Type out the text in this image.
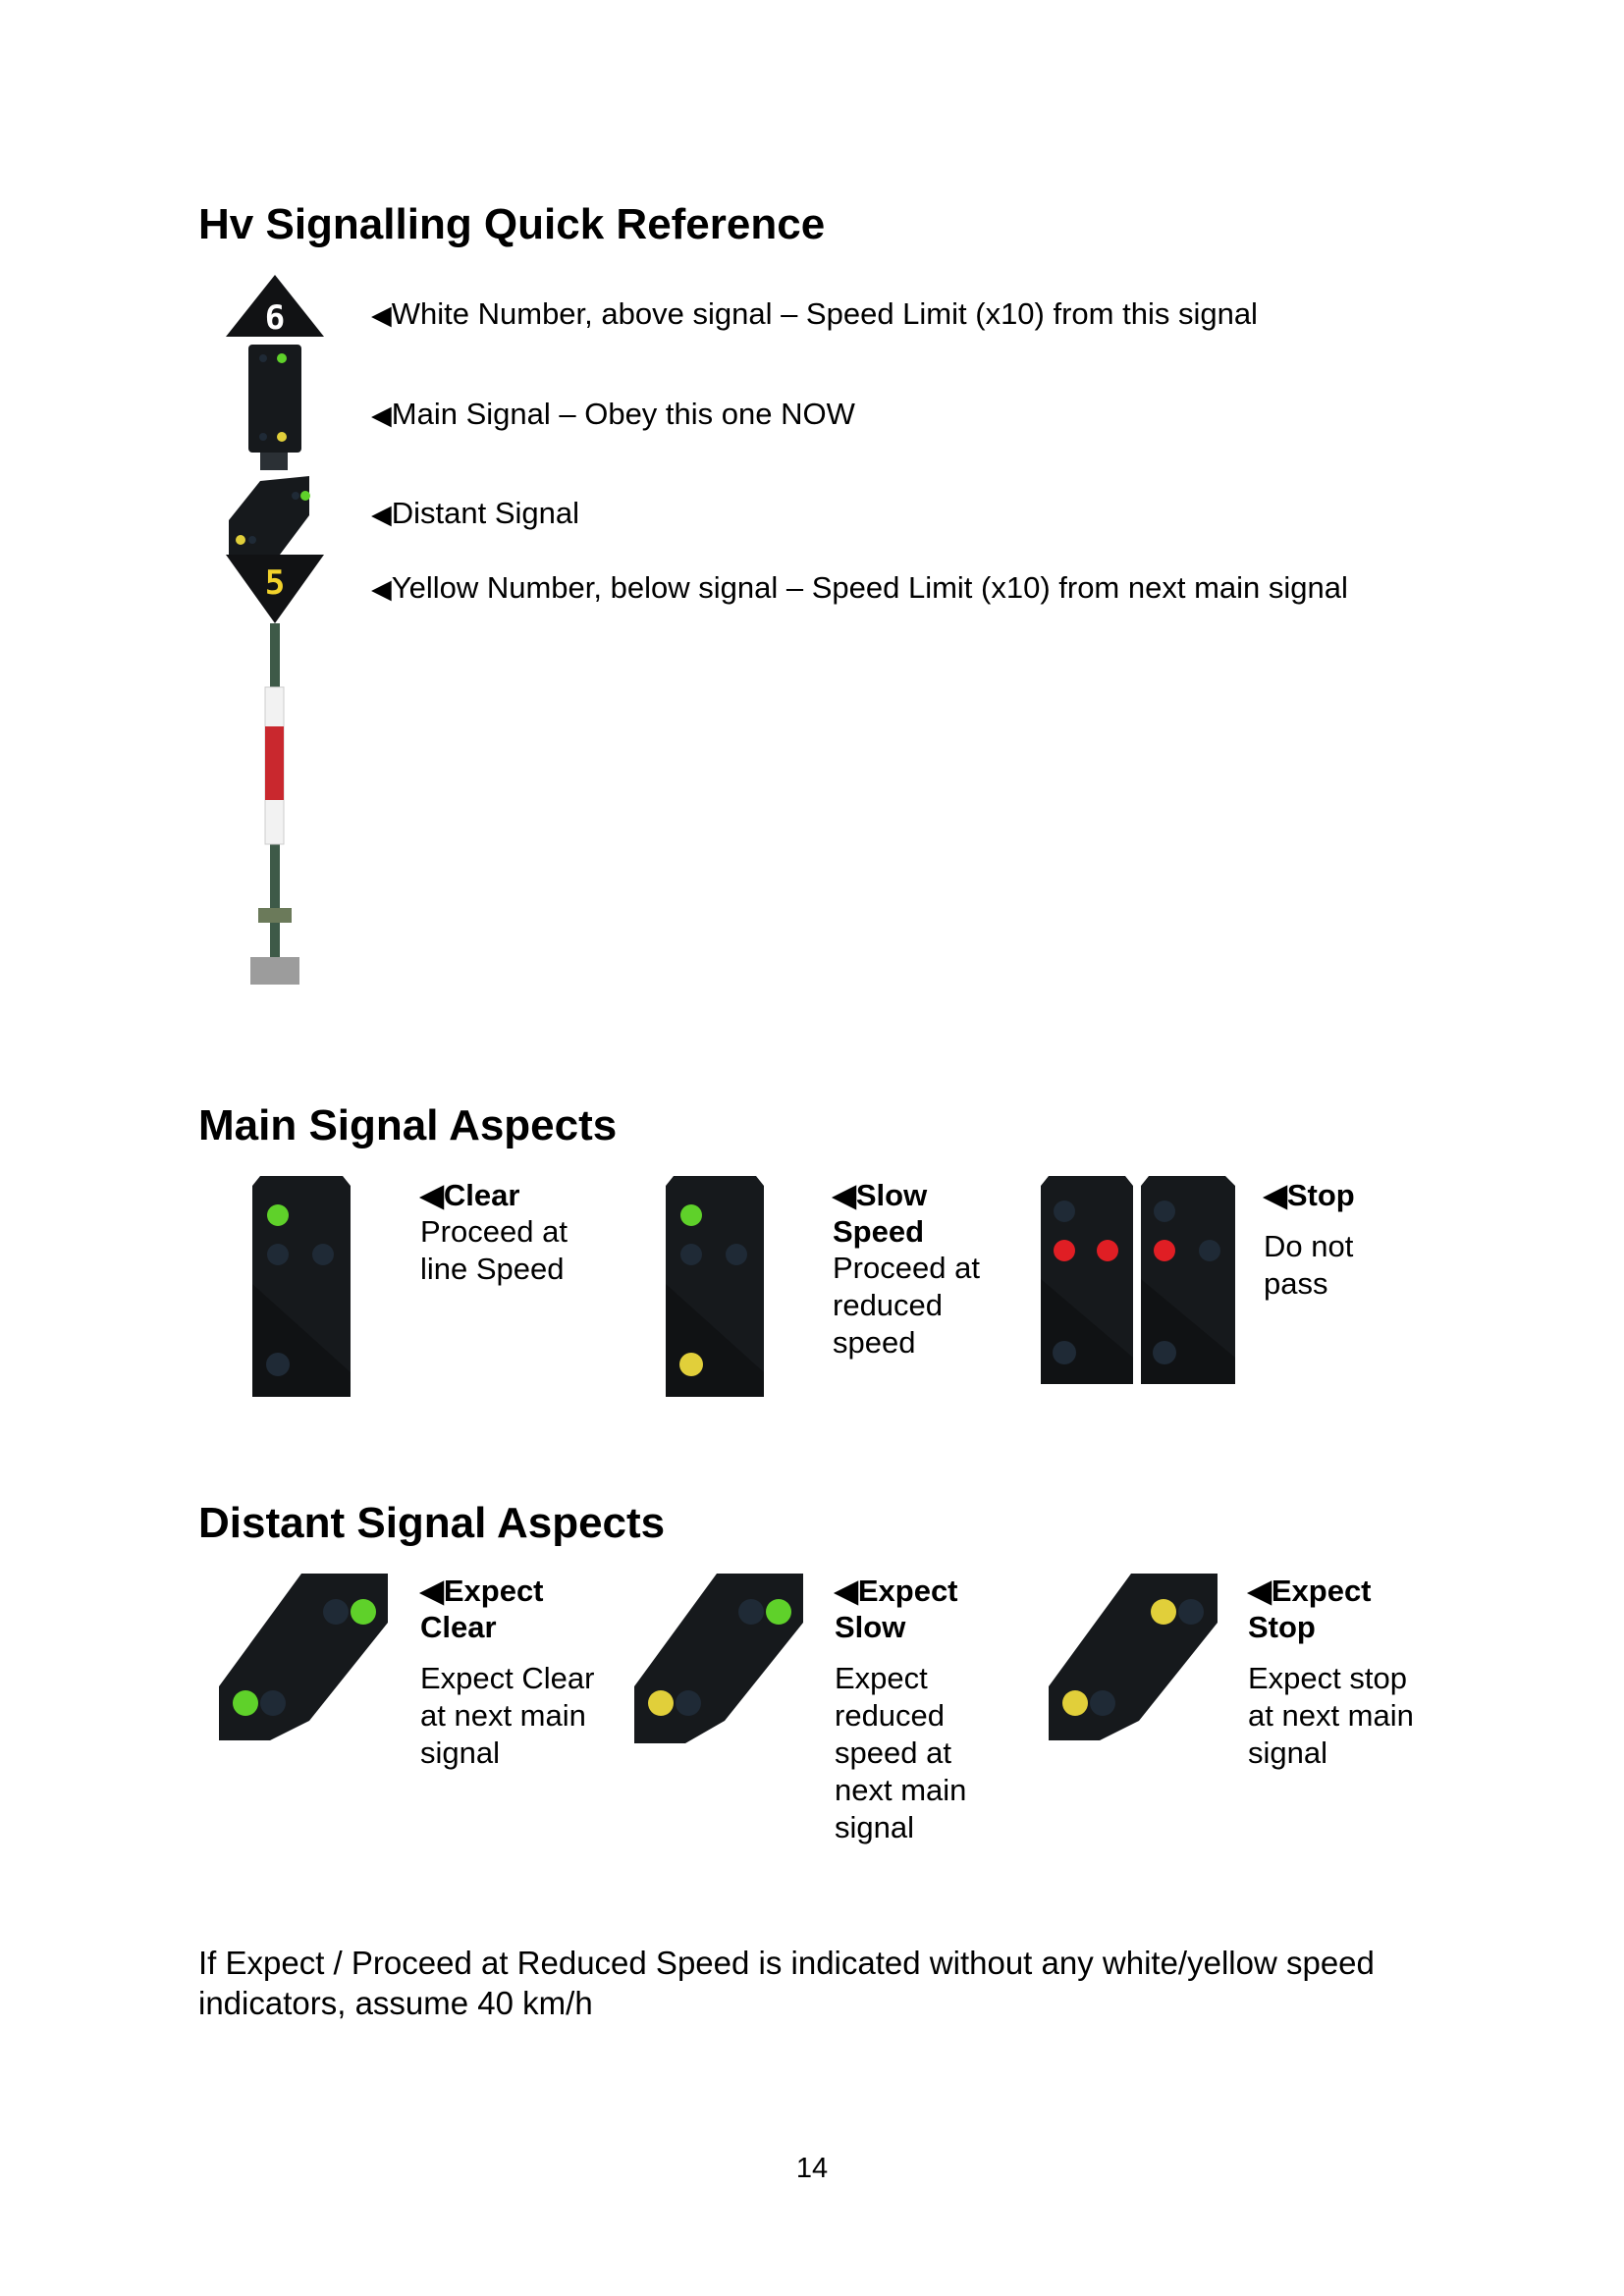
Hv Signalling Quick Reference
6
5
◀White Number, above signal – Speed Limit (x10) from this signal
◀Main Signal – Obey this one NOW
◀Distant Signal
◀Yellow Number, below signal – Speed Limit (x10) from next main signal
Main Signal Aspects

◀Clear

Proceed at

line Speed

◀Slow

Speed

Proceed at

reduced

speed

◀Stop

Do not

pass

Distant Signal Aspects

◀Expect

Clear

Expect Clear

at next main

signal

◀Expect

Slow

Expect

reduced

speed at

next main

signal

◀Expect

Stop

Expect stop

at next main

signal

If Expect / Proceed at Reduced Speed is indicated without any white/yellow speed
indicators, assume 40 km/h
14
